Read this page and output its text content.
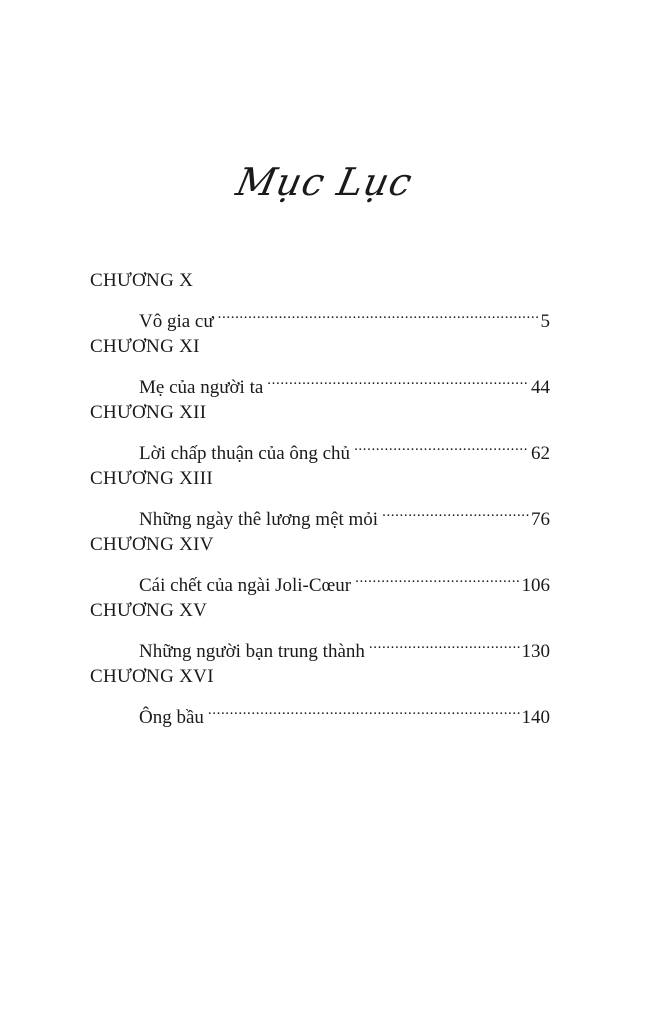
Mục Lục
CHƯƠNG X
Vô gia cư .....	5
CHƯƠNG XI
Mẹ của người ta .....	44
CHƯƠNG XII
Lời chấp thuận của ông chủ .....	62
CHƯƠNG XIII
Những ngày thê lương mệt mỏi .....	76
CHƯƠNG XIV
Cái chết của ngài Joli-Cœur .....	106
CHƯƠNG XV
Những người bạn trung thành .....	130
CHƯƠNG XVI
Ông bầu .....	140
